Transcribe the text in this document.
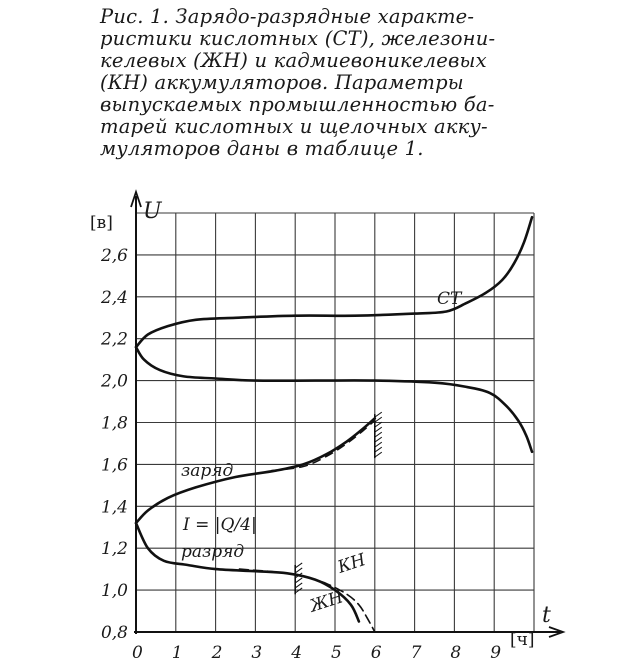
Рис. 1. Зарядо-разрядные характе-
ристики кислотных (СТ), железони-
келевых (ЖН) и кадмиевоникелевых
(КН) аккумуляторов. Параметры
выпускаемых промышленностью ба-
тарей кислотных и щелочных акку-
муляторов даны в таблице 1.
0 1 2 3 4 5 6 7 8 9
0,8
1,0
1,2
1,4
1,6
1,8
2,0
2,2
2,4
2,6
U
[в]
t
[ч]
СТ
заряд
I = |Q/4|
разряд	КН
ЖН
